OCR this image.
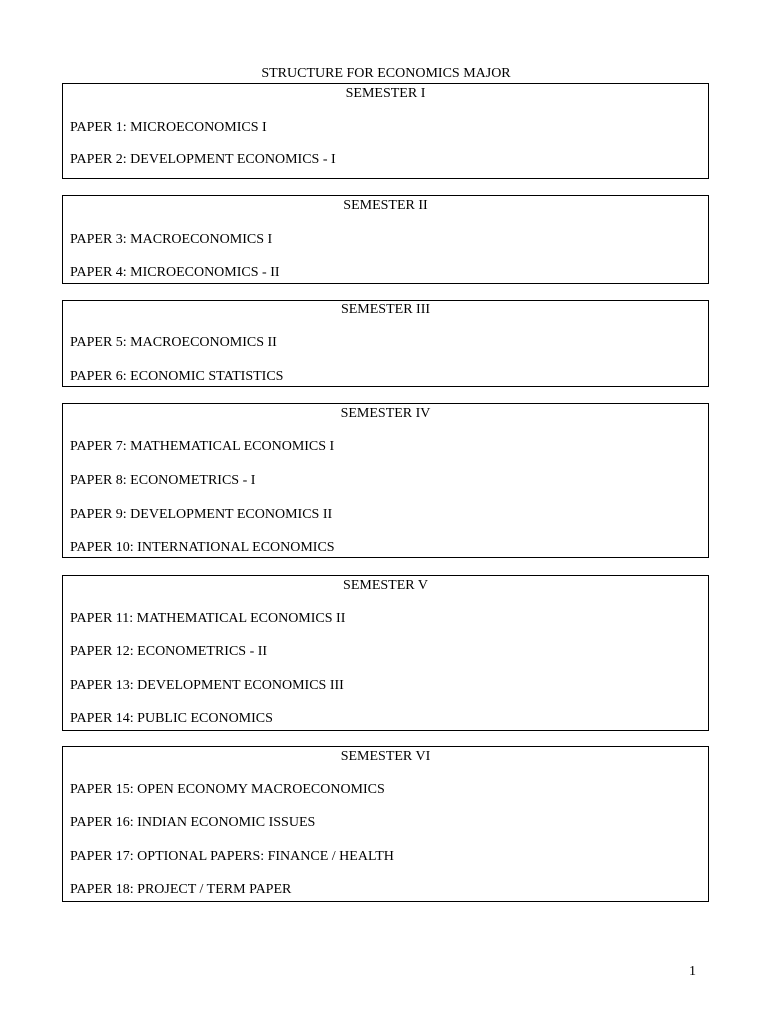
STRUCTURE FOR ECONOMICS MAJOR
SEMESTER I
PAPER 1: MICROECONOMICS I
PAPER 2: DEVELOPMENT ECONOMICS - I
SEMESTER II
PAPER 3: MACROECONOMICS I
PAPER 4: MICROECONOMICS - II
SEMESTER III
PAPER 5: MACROECONOMICS II
PAPER 6: ECONOMIC STATISTICS
SEMESTER IV
PAPER 7: MATHEMATICAL ECONOMICS I
PAPER 8: ECONOMETRICS - I
PAPER 9: DEVELOPMENT ECONOMICS II
PAPER 10: INTERNATIONAL ECONOMICS
SEMESTER V
PAPER 11: MATHEMATICAL ECONOMICS II
PAPER 12: ECONOMETRICS - II
PAPER 13: DEVELOPMENT ECONOMICS III
PAPER 14: PUBLIC ECONOMICS
SEMESTER VI
PAPER 15: OPEN ECONOMY MACROECONOMICS
PAPER 16: INDIAN ECONOMIC ISSUES
PAPER 17: OPTIONAL PAPERS: FINANCE / HEALTH
PAPER 18: PROJECT / TERM PAPER
1
